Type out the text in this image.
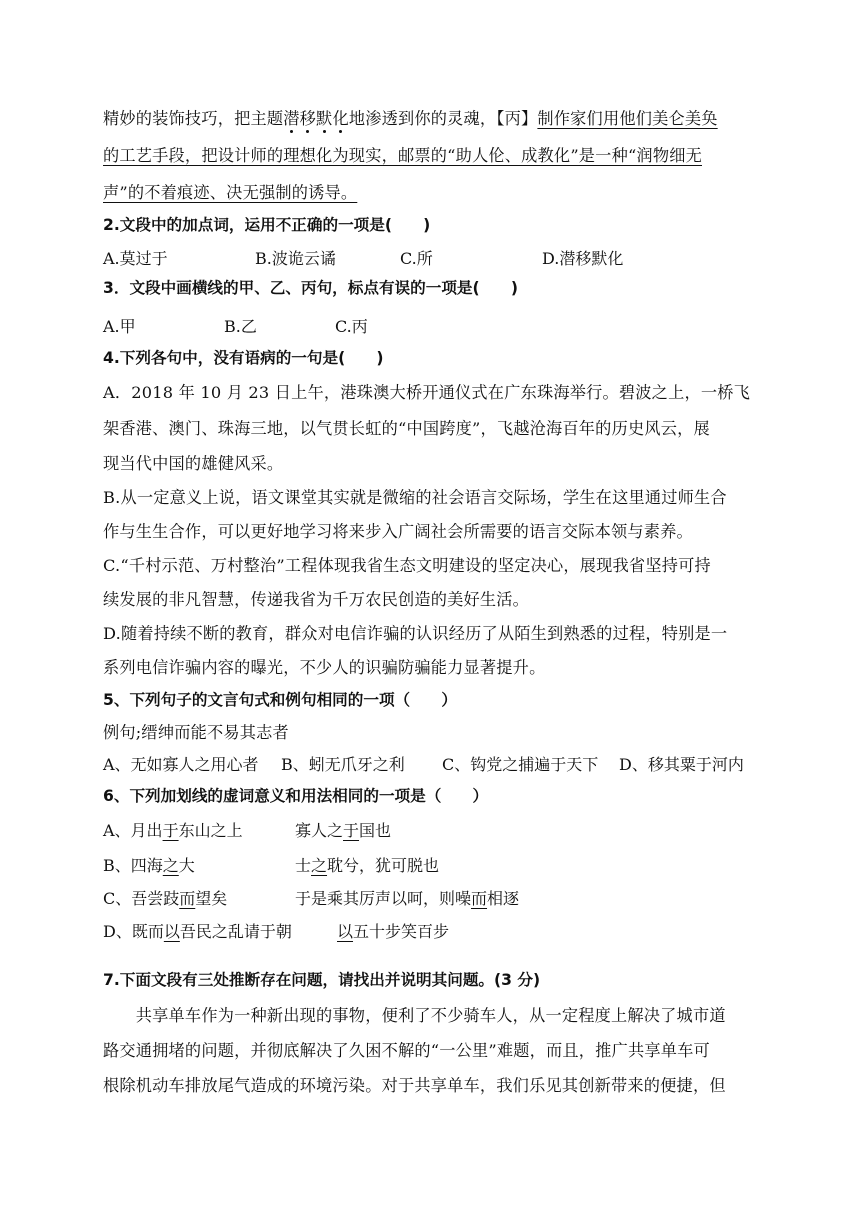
精妙的装饰技巧，把主题潜移默化地渗透到你的灵魂，【丙】制作家们用他们美仑美奂
的工艺手段，把设计师的理想化为现实，邮票的“助人伦、成教化”是一种“润物细无
声”的不着痕迹、决无强制的诱导。
2.文段中的加点词，运用不正确的一项是(　　)
A.莫过于	B.波诡云谲	C.所	D.潜移默化
3．文段中画横线的甲、乙、丙句，标点有误的一项是(　　)
A.甲	B.乙	C.丙
4.下列各句中，没有语病的一句是(　　)
A．2018 年 10 月 23 日上午，港珠澳大桥开通仪式在广东珠海举行。碧波之上，一桥飞
架香港、澳门、珠海三地，以气贯长虹的“中国跨度”，飞越沧海百年的历史风云，展
现当代中国的雄健风采。
B.从一定意义上说，语文课堂其实就是微缩的社会语言交际场，学生在这里通过师生合
作与生生合作，可以更好地学习将来步入广阔社会所需要的语言交际本领与素养。
C.“千村示范、万村整治”工程体现我省生态文明建设的坚定决心，展现我省坚持可持
续发展的非凡智慧，传递我省为千万农民创造的美好生活。
D.随着持续不断的教育，群众对电信诈骗的认识经历了从陌生到熟悉的过程，特别是一
系列电信诈骗内容的曝光，不少人的识骗防骗能力显著提升。
5、下列句子的文言句式和例句相同的一项（　　）
例句;缙绅而能不易其志者
A、无如寡人之用心者	B、蚓无爪牙之利	C、钩党之捕遍于天下	D、移其粟于河内
6、下列加划线的虚词意义和用法相同的一项是（　　）
A、月出于东山之上	寡人之于国也
B、四海之大	士之耽兮，犹可脱也
C、吾尝跂而望矣	于是乘其厉声以呵，则噪而相逐
D、既而以吾民之乱请于朝	以五十步笑百步
7.下面文段有三处推断存在问题，请找出并说明其问题。(3 分)
　　共享单车作为一种新出现的事物，便利了不少骑车人，从一定程度上解决了城市道
路交通拥堵的问题，并彻底解决了久困不解的“一公里”难题，而且，推广共享单车可
根除机动车排放尾气造成的环境污染。对于共享单车，我们乐见其创新带来的便捷，但
